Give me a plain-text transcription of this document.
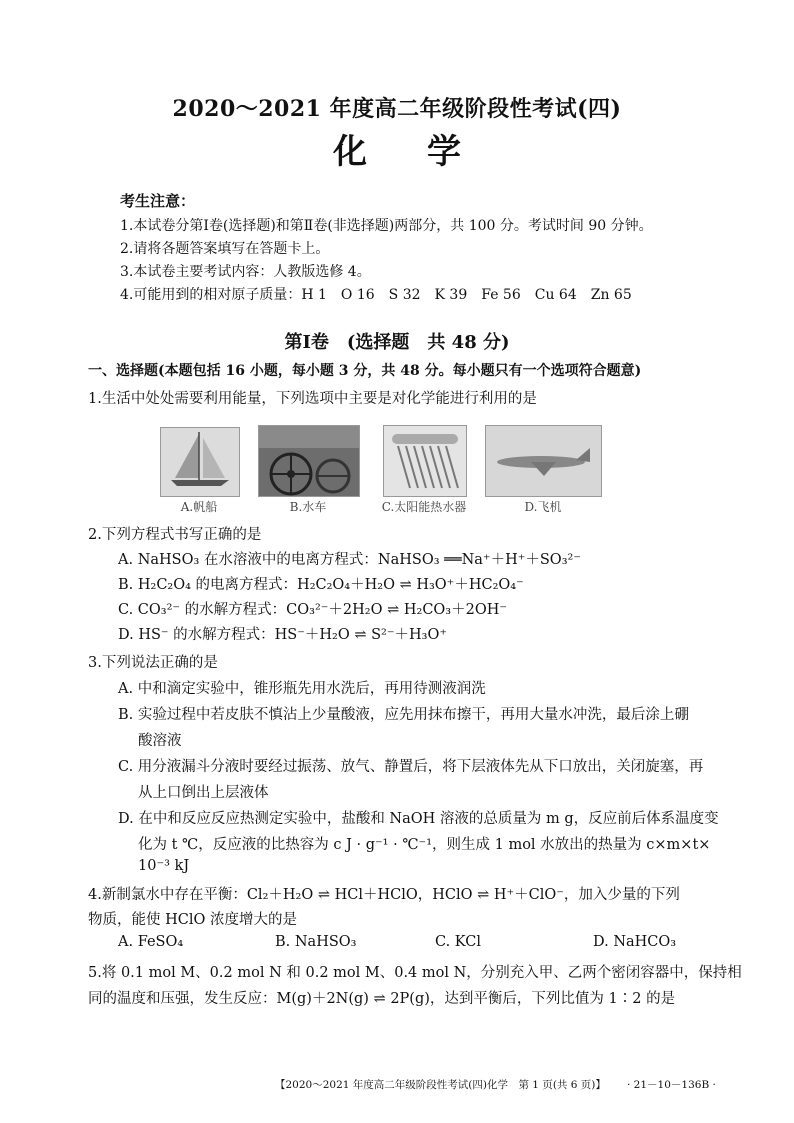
2020～2021 年度高二年级阶段性考试(四)
化学
考生注意：
1.本试卷分第Ⅰ卷(选择题)和第Ⅱ卷(非选择题)两部分，共 100 分。考试时间 90 分钟。
2.请将各题答案填写在答题卡上。
3.本试卷主要考试内容：人教版选修 4。
4.可能用到的相对原子质量：H 1　O 16　S 32　K 39　Fe 56　Cu 64　Zn 65
第Ⅰ卷　(选择题　共 48 分)
一、选择题(本题包括 16 小题，每小题 3 分，共 48 分。每小题只有一个选项符合题意)
1.生活中处处需要利用能量，下列选项中主要是对化学能进行利用的是
A.帆船	B.水车	C.太阳能热水器	D.飞机
2.下列方程式书写正确的是
A. NaHSO₃ 在水溶液中的电离方程式：NaHSO₃ ══Na⁺＋H⁺＋SO₃²⁻
B. H₂C₂O₄ 的电离方程式：H₂C₂O₄＋H₂O ⇌ H₃O⁺＋HC₂O₄⁻
C. CO₃²⁻ 的水解方程式：CO₃²⁻＋2H₂O ⇌ H₂CO₃＋2OH⁻
D. HS⁻ 的水解方程式：HS⁻＋H₂O ⇌ S²⁻＋H₃O⁺
3.下列说法正确的是
A. 中和滴定实验中，锥形瓶先用水洗后，再用待测液润洗
B. 实验过程中若皮肤不慎沾上少量酸液，应先用抹布擦干，再用大量水冲洗，最后涂上硼
酸溶液
C. 用分液漏斗分液时要经过振荡、放气、静置后，将下层液体先从下口放出，关闭旋塞，再
从上口倒出上层液体
D. 在中和反应反应热测定实验中，盐酸和 NaOH 溶液的总质量为 m g，反应前后体系温度变
化为 t ℃，反应液的比热容为 c J · g⁻¹ · ℃⁻¹，则生成 1 mol 水放出的热量为 c×m×t×
10⁻³ kJ
4.新制氯水中存在平衡：Cl₂＋H₂O ⇌ HCl＋HClO，HClO ⇌ H⁺＋ClO⁻，加入少量的下列
物质，能使 HClO 浓度增大的是
A. FeSO₄	B. NaHSO₃	C. KCl	D. NaHCO₃
5.将 0.1 mol M、0.2 mol N 和 0.2 mol M、0.4 mol N，分别充入甲、乙两个密闭容器中，保持相
同的温度和压强，发生反应：M(g)＋2N(g) ⇌ 2P(g)，达到平衡后，下列比值为 1∶2 的是
【2020～2021 年度高二年级阶段性考试(四)化学　第 1 页(共 6 页)】 · 21－10－136B ·
